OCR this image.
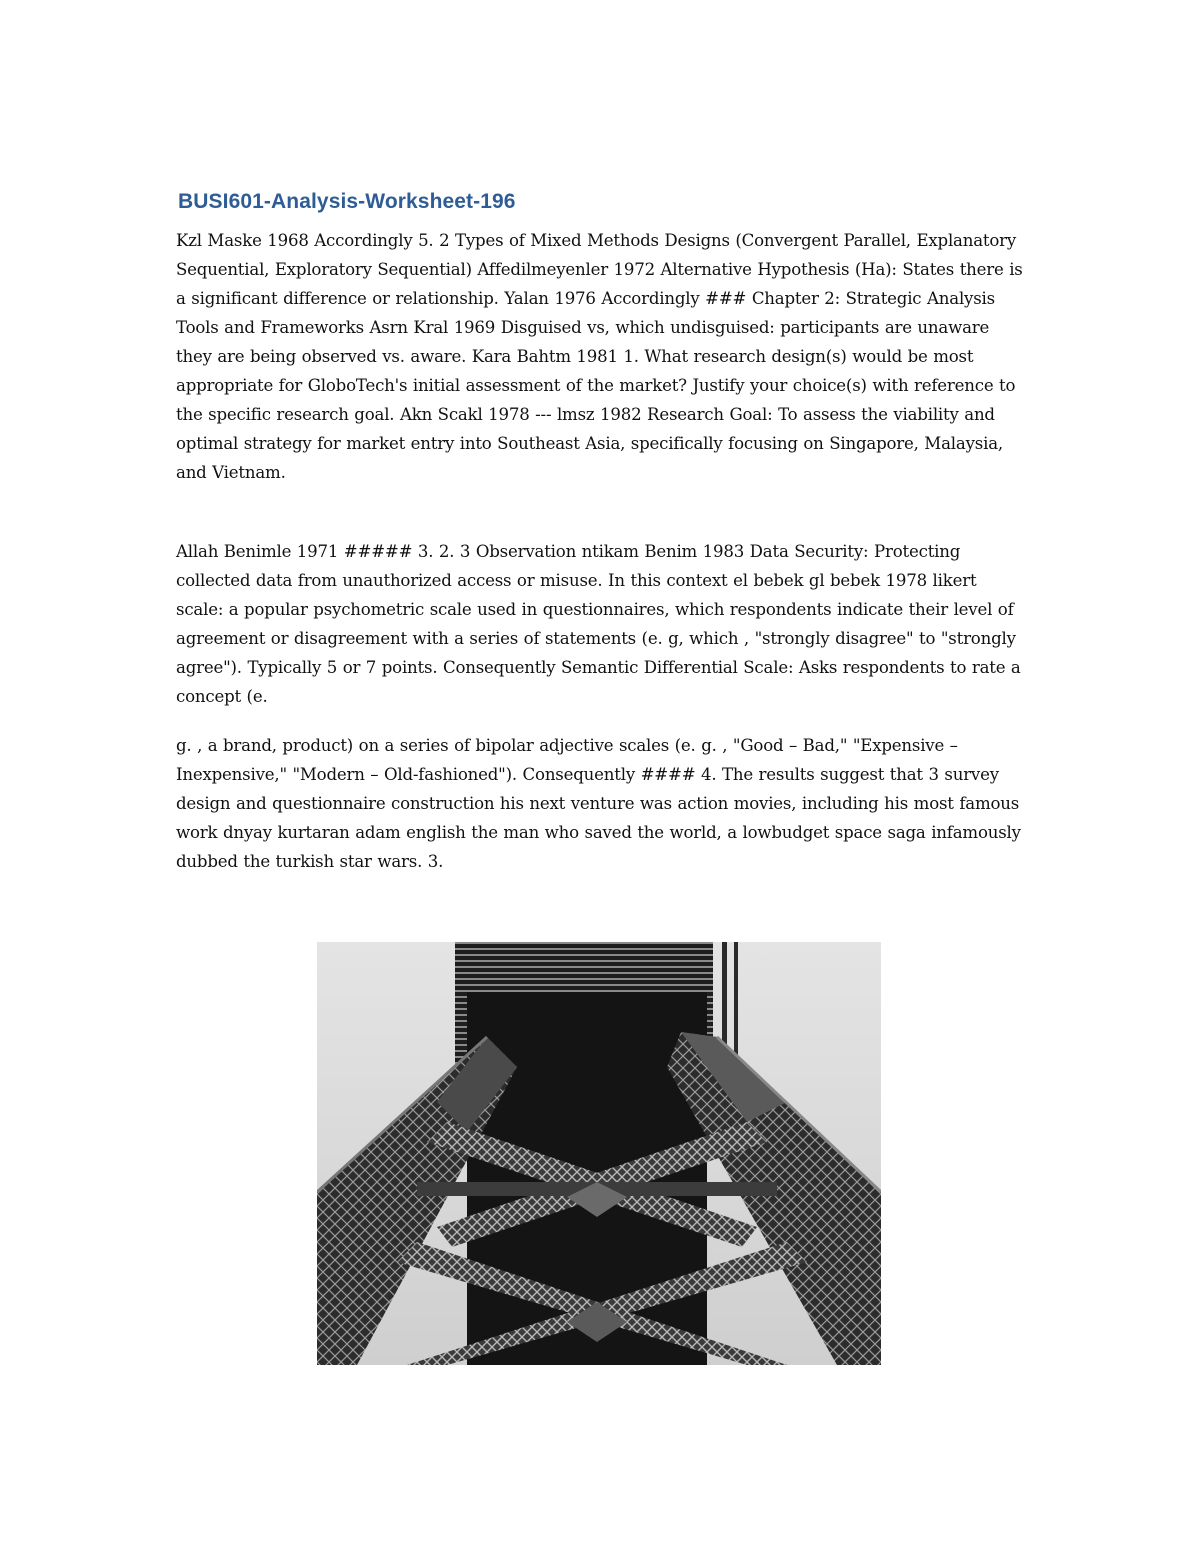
BUSI601-Analysis-Worksheet-196

Kzl Maske 1968 Accordingly 5. 2 Types of Mixed Methods Designs (Convergent Parallel, Explanatory Sequential, Exploratory Sequential) Affedilmeyenler 1972 Alternative Hypothesis (Ha): States there is a significant difference or relationship. Yalan 1976 Accordingly ### Chapter 2: Strategic Analysis Tools and Frameworks Asrn Kral 1969 Disguised vs, which undisguised: participants are unaware they are being observed vs. aware. Kara Bahtm 1981 1. What research design(s) would be most appropriate for GloboTech's initial assessment of the market? Justify your choice(s) with reference to the specific research goal. Akn Scakl 1978 --- lmsz 1982 Research Goal: To assess the viability and optimal strategy for market entry into Southeast Asia, specifically focusing on Singapore, Malaysia, and Vietnam.

Allah Benimle 1971 ##### 3. 2. 3 Observation ntikam Benim 1983 Data Security: Protecting collected data from unauthorized access or misuse. In this context el bebek gl bebek 1978 likert scale: a popular psychometric scale used in questionnaires, which respondents indicate their level of agreement or disagreement with a series of statements (e. g, which , "strongly disagree" to "strongly agree"). Typically 5 or 7 points. Consequently Semantic Differential Scale: Asks respondents to rate a concept (e.

g. , a brand, product) on a series of bipolar adjective scales (e. g. , "Good – Bad," "Expensive – Inexpensive," "Modern – Old-fashioned"). Consequently #### 4. The results suggest that 3 survey design and questionnaire construction his next venture was action movies, including his most famous work dnyay kurtaran adam english the man who saved the world, a lowbudget space saga infamously dubbed the turkish star wars. 3.
